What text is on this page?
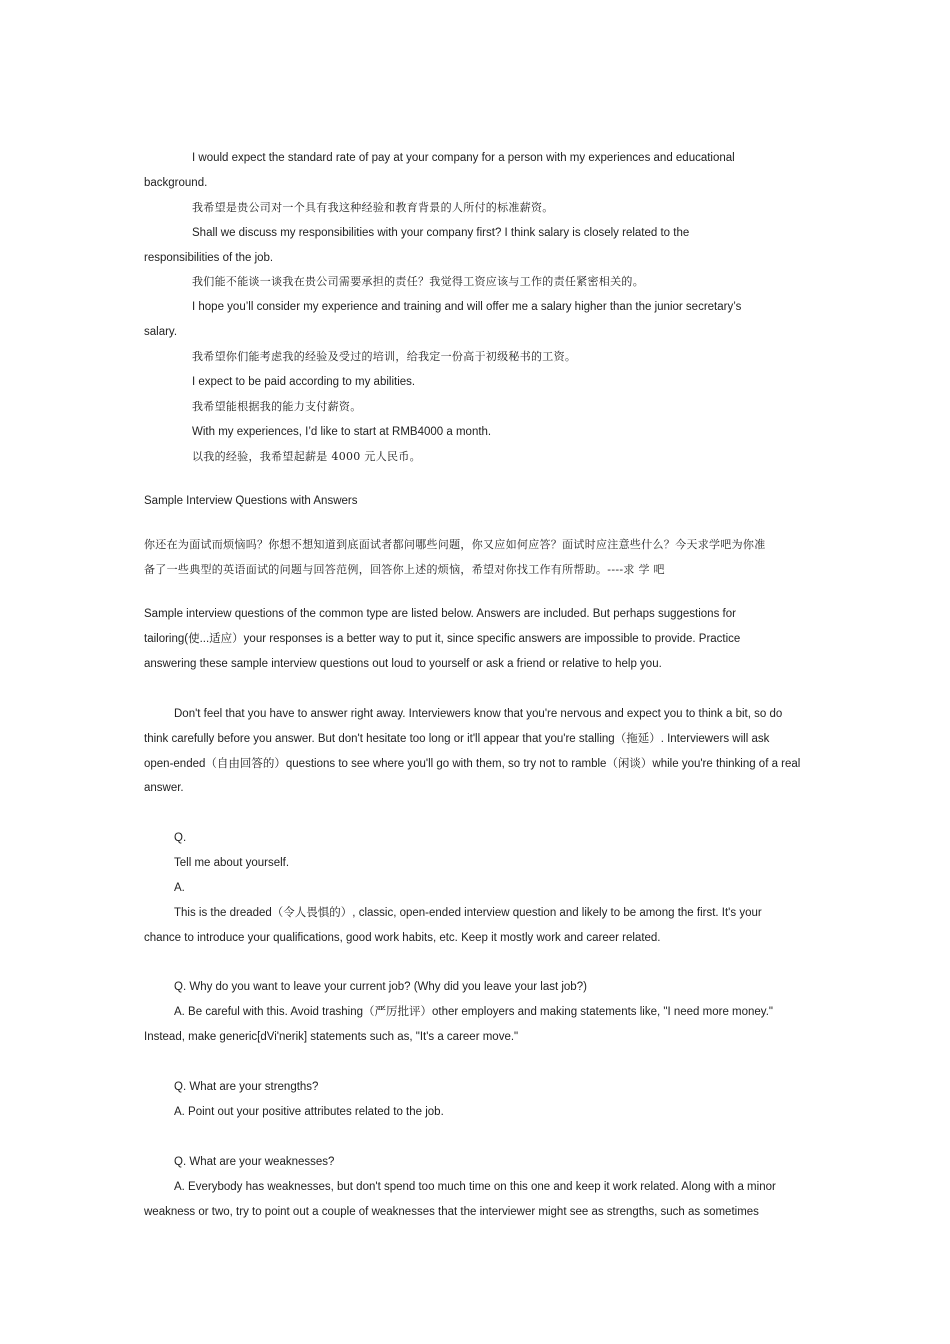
I would expect the standard rate of pay at your company for a person with my experiences and educational
background.
我希望是贵公司对一个具有我这种经验和教育背景的人所付的标准薪资。
Shall we discuss my responsibilities with your company first? I think salary is closely related to the
responsibilities of the job.
我们能不能谈一谈我在贵公司需要承担的责任？我觉得工资应该与工作的责任紧密相关的。
I hope you’ll consider my experience and training and will offer me a salary higher than the junior secretary’s
salary.
我希望你们能考虑我的经验及受过的培训，给我定一份高于初级秘书的工资。
I expect to be paid according to my abilities.
我希望能根据我的能力支付薪资。
With my experiences, I’d like to start at RMB4000 a month.
以我的经验，我希望起薪是 4000 元人民币。
Sample Interview Questions with Answers
你还在为面试而烦恼吗？你想不想知道到底面试者都问哪些问题，你又应如何应答？面试时应注意些什么？今天求学吧为你准
备了一些典型的英语面试的问题与回答范例，回答你上述的烦恼，希望对你找工作有所帮助。----求 学 吧
Sample interview questions of the common type are listed below. Answers are included. But perhaps suggestions for
tailoring(使...适应）your responses is a better way to put it, since specific answers are impossible to provide. Practice
answering these sample interview questions out loud to yourself or ask a friend or relative to help you.
Don't feel that you have to answer right away. Interviewers know that you're nervous and expect you to think a bit, so do
think carefully before you answer. But don't hesitate too long or it'll appear that you're stalling（拖延）. Interviewers will ask
open-ended（自由回答的）questions to see where you'll go with them, so try not to ramble（闲谈）while you're thinking of a real
answer.
Q.
Tell me about yourself.
A.
This is the dreaded（令人畏惧的）, classic, open-ended interview question and likely to be among the first. It's your
chance to introduce your qualifications, good work habits, etc. Keep it mostly work and career related.
Q. Why do you want to leave your current job? (Why did you leave your last job?)
A. Be careful with this. Avoid trashing（严厉批评）other employers and making statements like, "I need more money."
Instead, make generic[dVi'nerik] statements such as, "It's a career move."
Q. What are your strengths?
A. Point out your positive attributes related to the job.
Q. What are your weaknesses?
A. Everybody has weaknesses, but don't spend too much time on this one and keep it work related. Along with a minor
weakness or two, try to point out a couple of weaknesses that the interviewer might see as strengths, such as sometimes
